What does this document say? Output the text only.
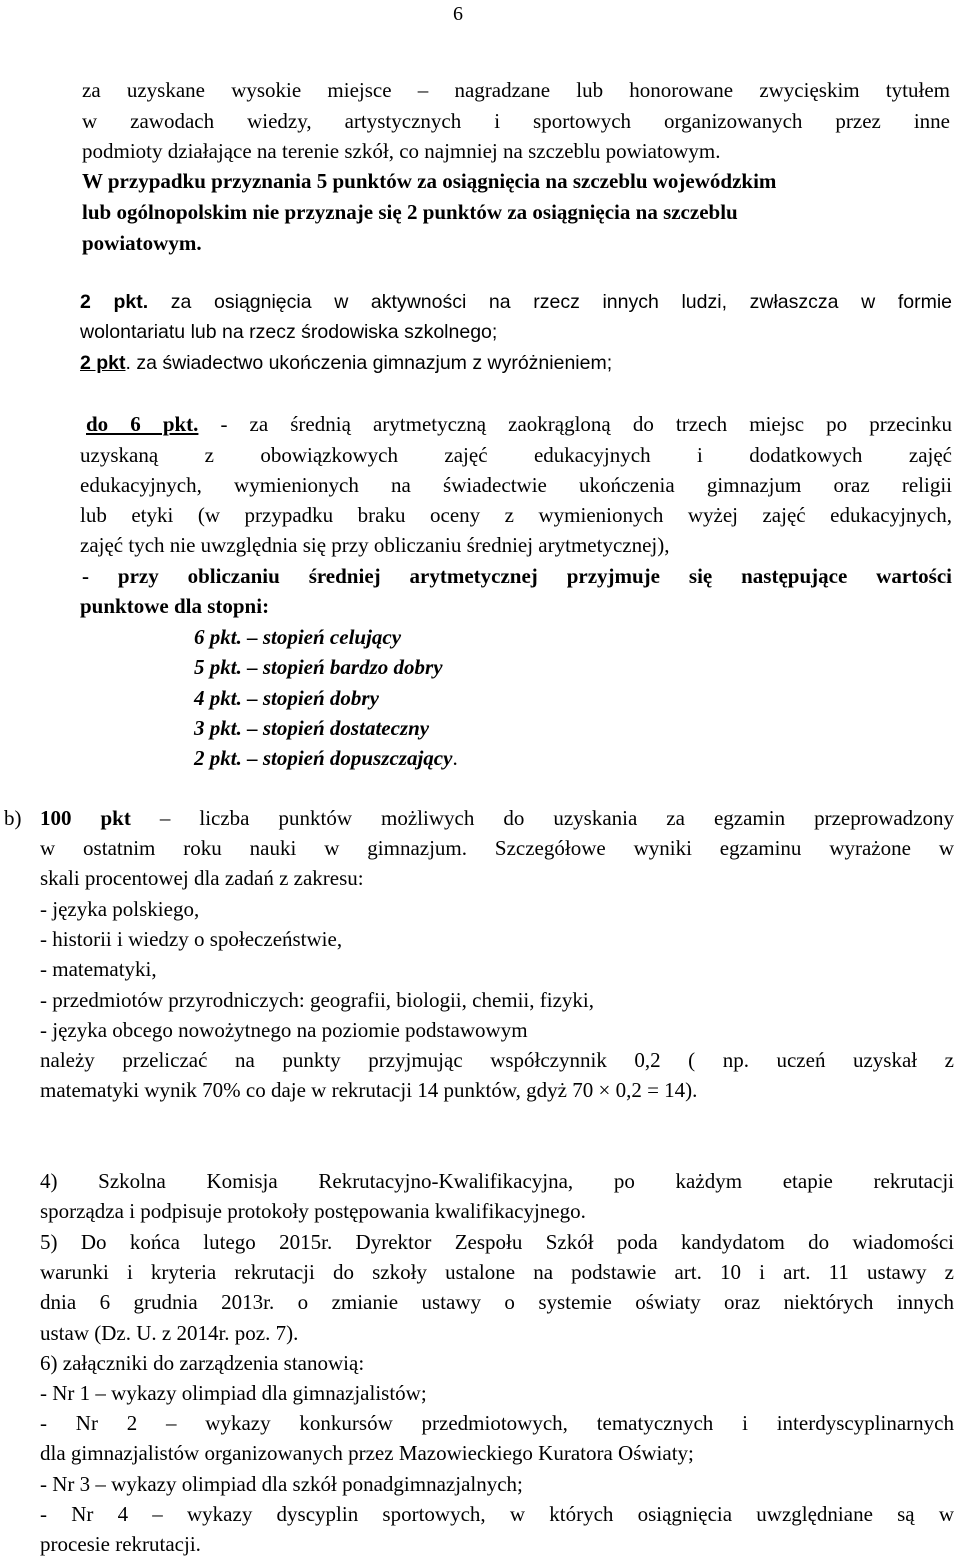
6
za uzyskane wysokie miejsce – nagradzane lub honorowane zwycięskim tytułem
w zawodach wiedzy, artystycznych i sportowych organizowanych przez inne
podmioty działające na terenie szkół, co najmniej na szczeblu powiatowym.
W przypadku przyznania 5 punktów za osiągnięcia na szczeblu wojewódzkim
lub ogólnopolskim nie przyznaje się 2 punktów za osiągnięcia na szczeblu
powiatowym.
2 pkt. za osiągnięcia w aktywności na rzecz innych ludzi, zwłaszcza w formie
wolontariatu lub na rzecz środowiska szkolnego;
2 pkt. za świadectwo ukończenia gimnazjum z wyróżnieniem;
do 6 pkt. - za średnią arytmetyczną zaokrągloną do trzech miejsc po przecinku
uzyskaną z obowiązkowych zajęć edukacyjnych i dodatkowych zajęć
edukacyjnych, wymienionych na świadectwie ukończenia gimnazjum oraz religii
lub etyki (w przypadku braku oceny z wymienionych wyżej zajęć edukacyjnych,
zajęć tych nie uwzględnia się przy obliczaniu średniej arytmetycznej),
- przy obliczaniu średniej arytmetycznej przyjmuje się następujące wartości
punktowe dla stopni:
6 pkt. – stopień celujący
5 pkt. – stopień bardzo dobry
4 pkt. – stopień dobry
3 pkt. – stopień dostateczny
2 pkt. – stopień dopuszczający.
b) 100 pkt – liczba punktów możliwych do uzyskania za egzamin przeprowadzony
w ostatnim roku nauki w gimnazjum. Szczegółowe wyniki egzaminu wyrażone w
skali procentowej dla zadań z zakresu:
- języka polskiego,
- historii i wiedzy o społeczeństwie,
- matematyki,
- przedmiotów przyrodniczych: geografii, biologii, chemii, fizyki,
- języka obcego nowożytnego na poziomie podstawowym
należy przeliczać na punkty przyjmując współczynnik 0,2 ( np. uczeń uzyskał z
matematyki wynik 70% co daje w rekrutacji 14 punktów, gdyż 70 × 0,2 = 14).
4) Szkolna Komisja Rekrutacyjno-Kwalifikacyjna, po każdym etapie rekrutacji
sporządza i podpisuje protokoły postępowania kwalifikacyjnego.
5) Do końca lutego 2015r. Dyrektor Zespołu Szkół poda kandydatom do wiadomości
warunki i kryteria rekrutacji do szkoły ustalone na podstawie art. 10 i art. 11 ustawy z
dnia 6 grudnia 2013r. o zmianie ustawy o systemie oświaty oraz niektórych innych
ustaw (Dz. U. z 2014r. poz. 7).
6) załączniki do zarządzenia stanowią:
- Nr 1 – wykazy olimpiad dla gimnazjalistów;
- Nr 2 – wykazy konkursów przedmiotowych, tematycznych i interdyscyplinarnych
dla gimnazjalistów organizowanych przez Mazowieckiego Kuratora Oświaty;
- Nr 3 – wykazy olimpiad dla szkół ponadgimnazjalnych;
- Nr 4 – wykazy dyscyplin sportowych, w których osiągnięcia uwzględniane są w
procesie rekrutacji.
